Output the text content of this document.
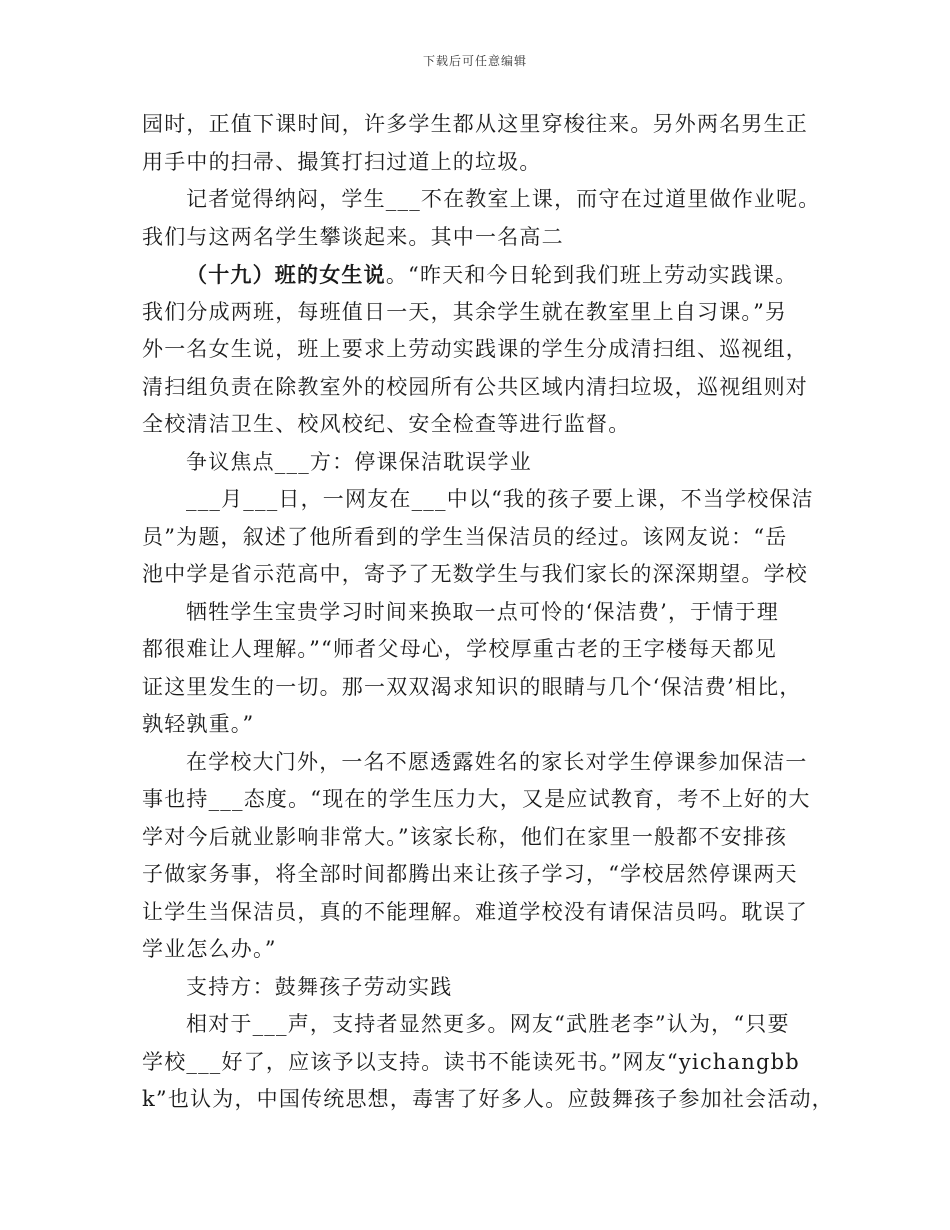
下载后可任意编辑
园时，正值下课时间，许多学生都从这里穿梭往来。另外两名男生正
用手中的扫帚、撮箕打扫过道上的垃圾。
记者觉得纳闷，学生___不在教室上课，而守在过道里做作业呢。
我们与这两名学生攀谈起来。其中一名高二
（十九）班的女生说。“昨天和今日轮到我们班上劳动实践课。
我们分成两班，每班值日一天，其余学生就在教室里上自习课。”另
外一名女生说，班上要求上劳动实践课的学生分成清扫组、巡视组，
清扫组负责在除教室外的校园所有公共区域内清扫垃圾，巡视组则对
全校清洁卫生、校风校纪、安全检查等进行监督。
争议焦点___方：停课保洁耽误学业
___月___日，一网友在___中以“我的孩子要上课，不当学校保洁
员”为题，叙述了他所看到的学生当保洁员的经过。该网友说：“岳
池中学是省示范高中，寄予了无数学生与我们家长的深深期望。学校
牺牲学生宝贵学习时间来换取一点可怜的‘保洁费’，于情于理
都很难让人理解。”“师者父母心，学校厚重古老的王字楼每天都见
证这里发生的一切。那一双双渴求知识的眼睛与几个‘保洁费’相比，
孰轻孰重。”
在学校大门外，一名不愿透露姓名的家长对学生停课参加保洁一
事也持___态度。“现在的学生压力大，又是应试教育，考不上好的大
学对今后就业影响非常大。”该家长称，他们在家里一般都不安排孩
子做家务事，将全部时间都腾出来让孩子学习，“学校居然停课两天
让学生当保洁员，真的不能理解。难道学校没有请保洁员吗。耽误了
学业怎么办。”
支持方：鼓舞孩子劳动实践
相对于___声，支持者显然更多。网友“武胜老李”认为，“只要
学校___好了，应该予以支持。读书不能读死书。”网友“yichangbb
k”也认为，中国传统思想，毒害了好多人。应鼓舞孩子参加社会活动，
